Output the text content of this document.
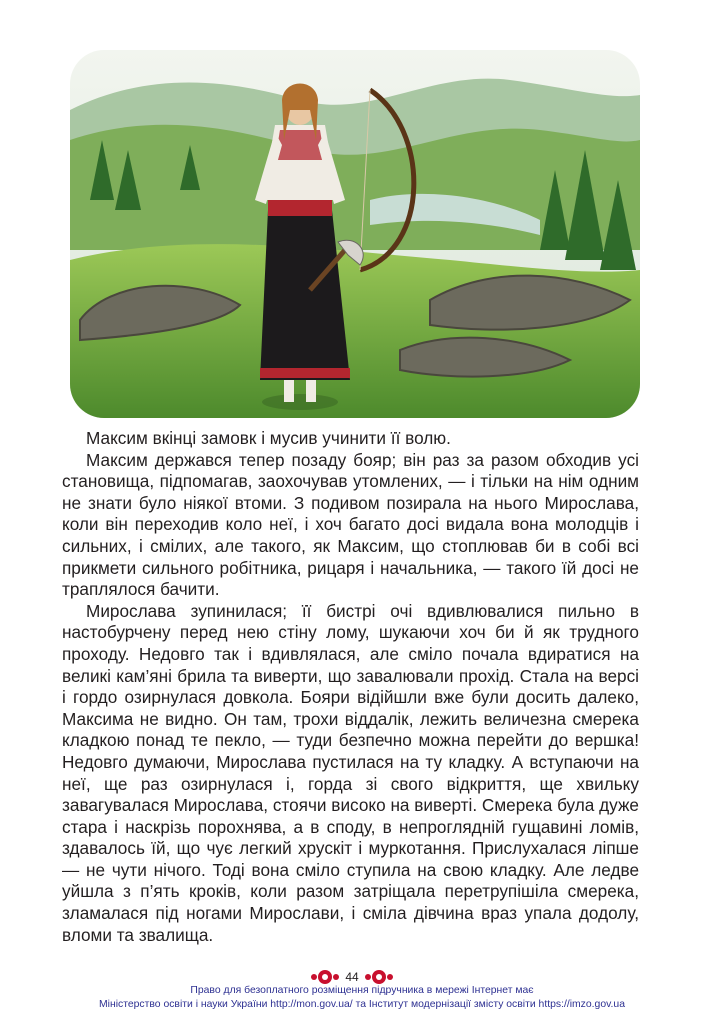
Максим вкінці замовк і мусив учинити її волю.

Максим держався тепер позаду бояр; він раз за разом обходив усі становища, підпомагав, заохочував утомлених, — і тільки на нім одним не знати було ніякої втоми. З подивом позирала на нього Мирослава, коли він переходив коло неї, і хоч багато досі видала вона молодців і сильних, і смілих, але такого, як Максим, що стоплював би в собі всі прикмети сильного робітника, рицаря і начальника, — такого їй досі не траплялося бачити.

Мирослава зупинилася; її бистрі очі вдивлювалися пильно в настобурчену перед нею стіну лому, шукаючи хоч би й як трудного проходу. Недовго так і вдивлялася, але сміло почала вдиратися на великі кам’яні брила та виверти, що завалювали прохід. Стала на версі і гордо озирнулася довкола. Бояри відійшли вже були досить далеко, Максима не видно. Он там, трохи віддалік, лежить величезна смерека кладкою понад те пекло, — туди безпечно можна перейти до вершка! Недовго думаючи, Мирослава пустилася на ту кладку. А вступаючи на неї, ще раз озирнулася і, горда зі свого відкриття, ще хвильку завагувалася Мирослава, стоячи високо на виверті. Смерека була дуже стара і наскрізь порохнява, а в споду, в непроглядній гущавині ломів, здавалось їй, що чує легкий хрускіт і муркотання. Прислухалася ліпше — не чути нічого. Тоді вона сміло ступила на свою кладку. Але ледве уйшла з п’ять кроків, коли разом затріщала перетрупішіла смерека, зламалася під ногами Мирослави, і сміла дівчина враз упала додолу, вломи та звалища.

44
Право для безоплатного розміщення підручника в мережі Інтернет має
Міністерство освіти і науки України http://mon.gov.ua/ та Інститут модернізації змісту освіти https://imzo.gov.ua
